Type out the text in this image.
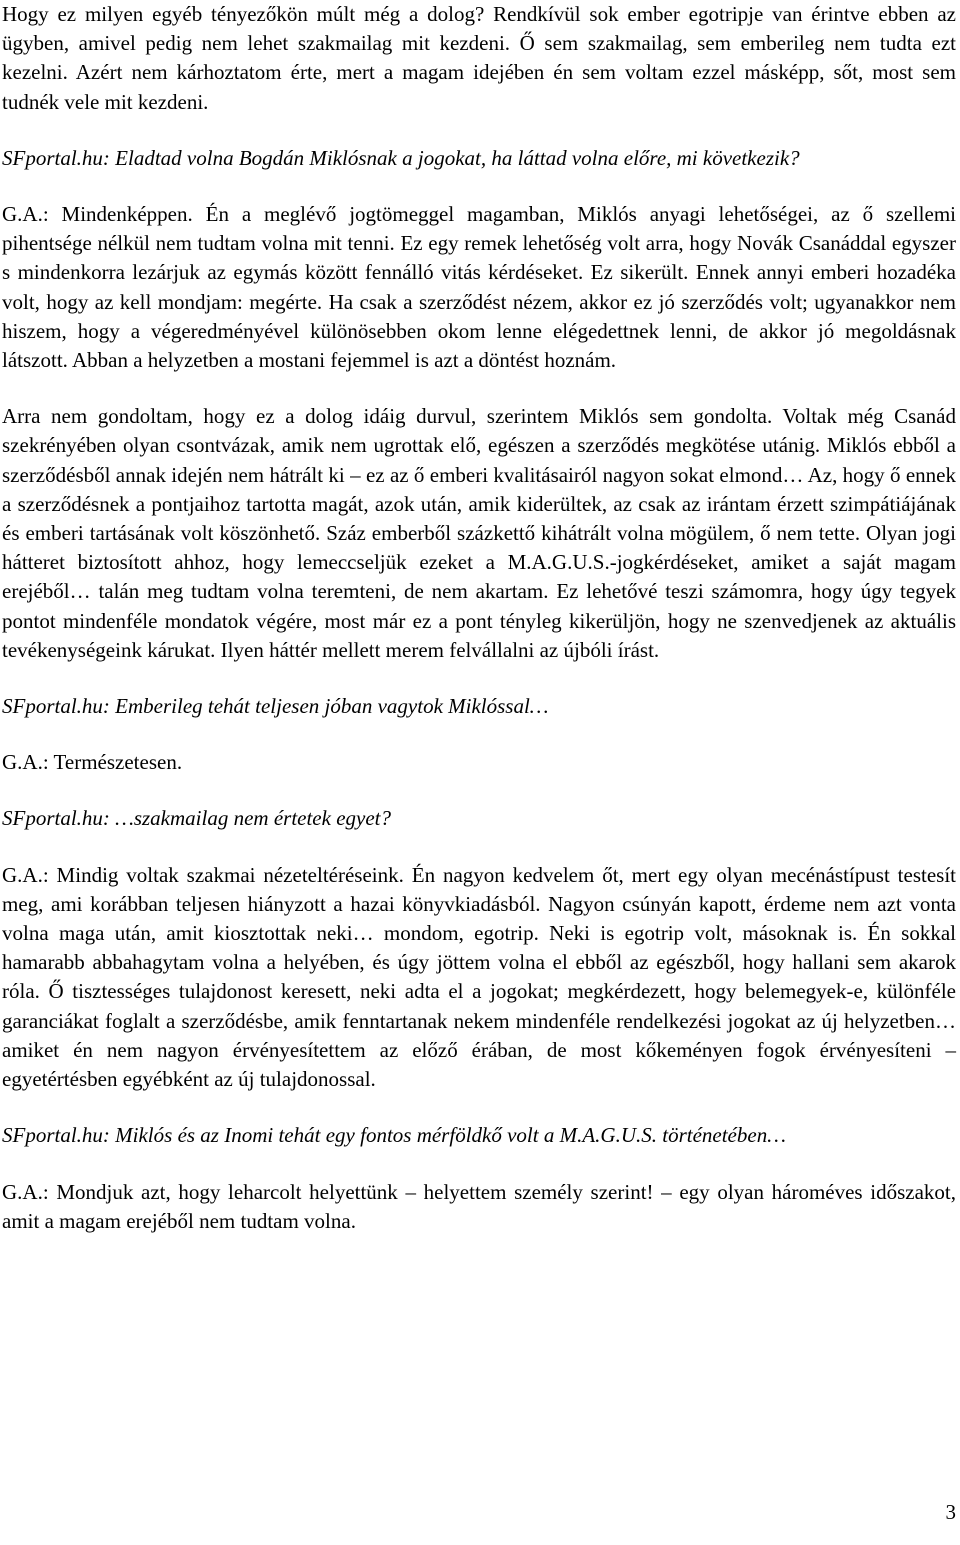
Hogy ez milyen egyéb tényezőkön múlt még a dolog? Rendkívül sok ember egotripje van érintve ebben az ügyben, amivel pedig nem lehet szakmailag mit kezdeni. Ő sem szakmailag, sem emberileg nem tudta ezt kezelni. Azért nem kárhoztatom érte, mert a magam idejében én sem voltam ezzel másképp, sőt, most sem tudnék vele mit kezdeni.

SFportal.hu: Eladtad volna Bogdán Miklósnak a jogokat, ha láttad volna előre, mi következik?

G.A.: Mindenképpen. Én a meglévő jogtömeggel magamban, Miklós anyagi lehetőségei, az ő szellemi pihentsége nélkül nem tudtam volna mit tenni. Ez egy remek lehetőség volt arra, hogy Novák Csanáddal egyszer s mindenkorra lezárjuk az egymás között fennálló vitás kérdéseket. Ez sikerült. Ennek annyi emberi hozadéka volt, hogy az kell mondjam: megérte. Ha csak a szerződést nézem, akkor ez jó szerződés volt; ugyanakkor nem hiszem, hogy a végeredményével különösebben okom lenne elégedettnek lenni, de akkor jó megoldásnak látszott. Abban a helyzetben a mostani fejemmel is azt a döntést hoznám.

Arra nem gondoltam, hogy ez a dolog idáig durvul, szerintem Miklós sem gondolta. Voltak még Csanád szekrényében olyan csontvázak, amik nem ugrottak elő, egészen a szerződés megkötése utánig. Miklós ebből a szerződésből annak idején nem hátrált ki – ez az ő emberi kvalitásairól nagyon sokat elmond… Az, hogy ő ennek a szerződésnek a pontjaihoz tartotta magát, azok után, amik kiderültek, az csak az irántam érzett szimpátiájának és emberi tartásának volt köszönhető. Száz emberből százkettő kihátrált volna mögülem, ő nem tette. Olyan jogi hátteret biztosított ahhoz, hogy lemeccseljük ezeket a M.A.G.U.S.-jogkérdéseket, amiket a saját magam erejéből… talán meg tudtam volna teremteni, de nem akartam. Ez lehetővé teszi számomra, hogy úgy tegyek pontot mindenféle mondatok végére, most már ez a pont tényleg kikerüljön, hogy ne szenvedjenek az aktuális tevékenységeink kárukat. Ilyen háttér mellett merem felvállalni az újbóli írást.

SFportal.hu: Emberileg tehát teljesen jóban vagytok Miklóssal…

G.A.: Természetesen.

SFportal.hu: …szakmailag nem értetek egyet?

G.A.: Mindig voltak szakmai nézeteltéréseink. Én nagyon kedvelem őt, mert egy olyan mecénástípust testesít meg, ami korábban teljesen hiányzott a hazai könyvkiadásból. Nagyon csúnyán kapott, érdeme nem azt vonta volna maga után, amit kiosztottak neki… mondom, egotrip. Neki is egotrip volt, másoknak is. Én sokkal hamarabb abbahagytam volna a helyében, és úgy jöttem volna el ebből az egészből, hogy hallani sem akarok róla. Ő tisztességes tulajdonost keresett, neki adta el a jogokat; megkérdezett, hogy belemegyek-e, különféle garanciákat foglalt a szerződésbe, amik fenntartanak nekem mindenféle rendelkezési jogokat az új helyzetben… amiket én nem nagyon érvényesítettem az előző érában, de most kőkeményen fogok érvényesíteni – egyetértésben egyébként az új tulajdonossal.

SFportal.hu: Miklós és az Inomi tehát egy fontos mérföldkő volt a M.A.G.U.S. történetében…

G.A.: Mondjuk azt, hogy leharcolt helyettünk – helyettem személy szerint! – egy olyan hároméves időszakot, amit a magam erejéből nem tudtam volna.

3
